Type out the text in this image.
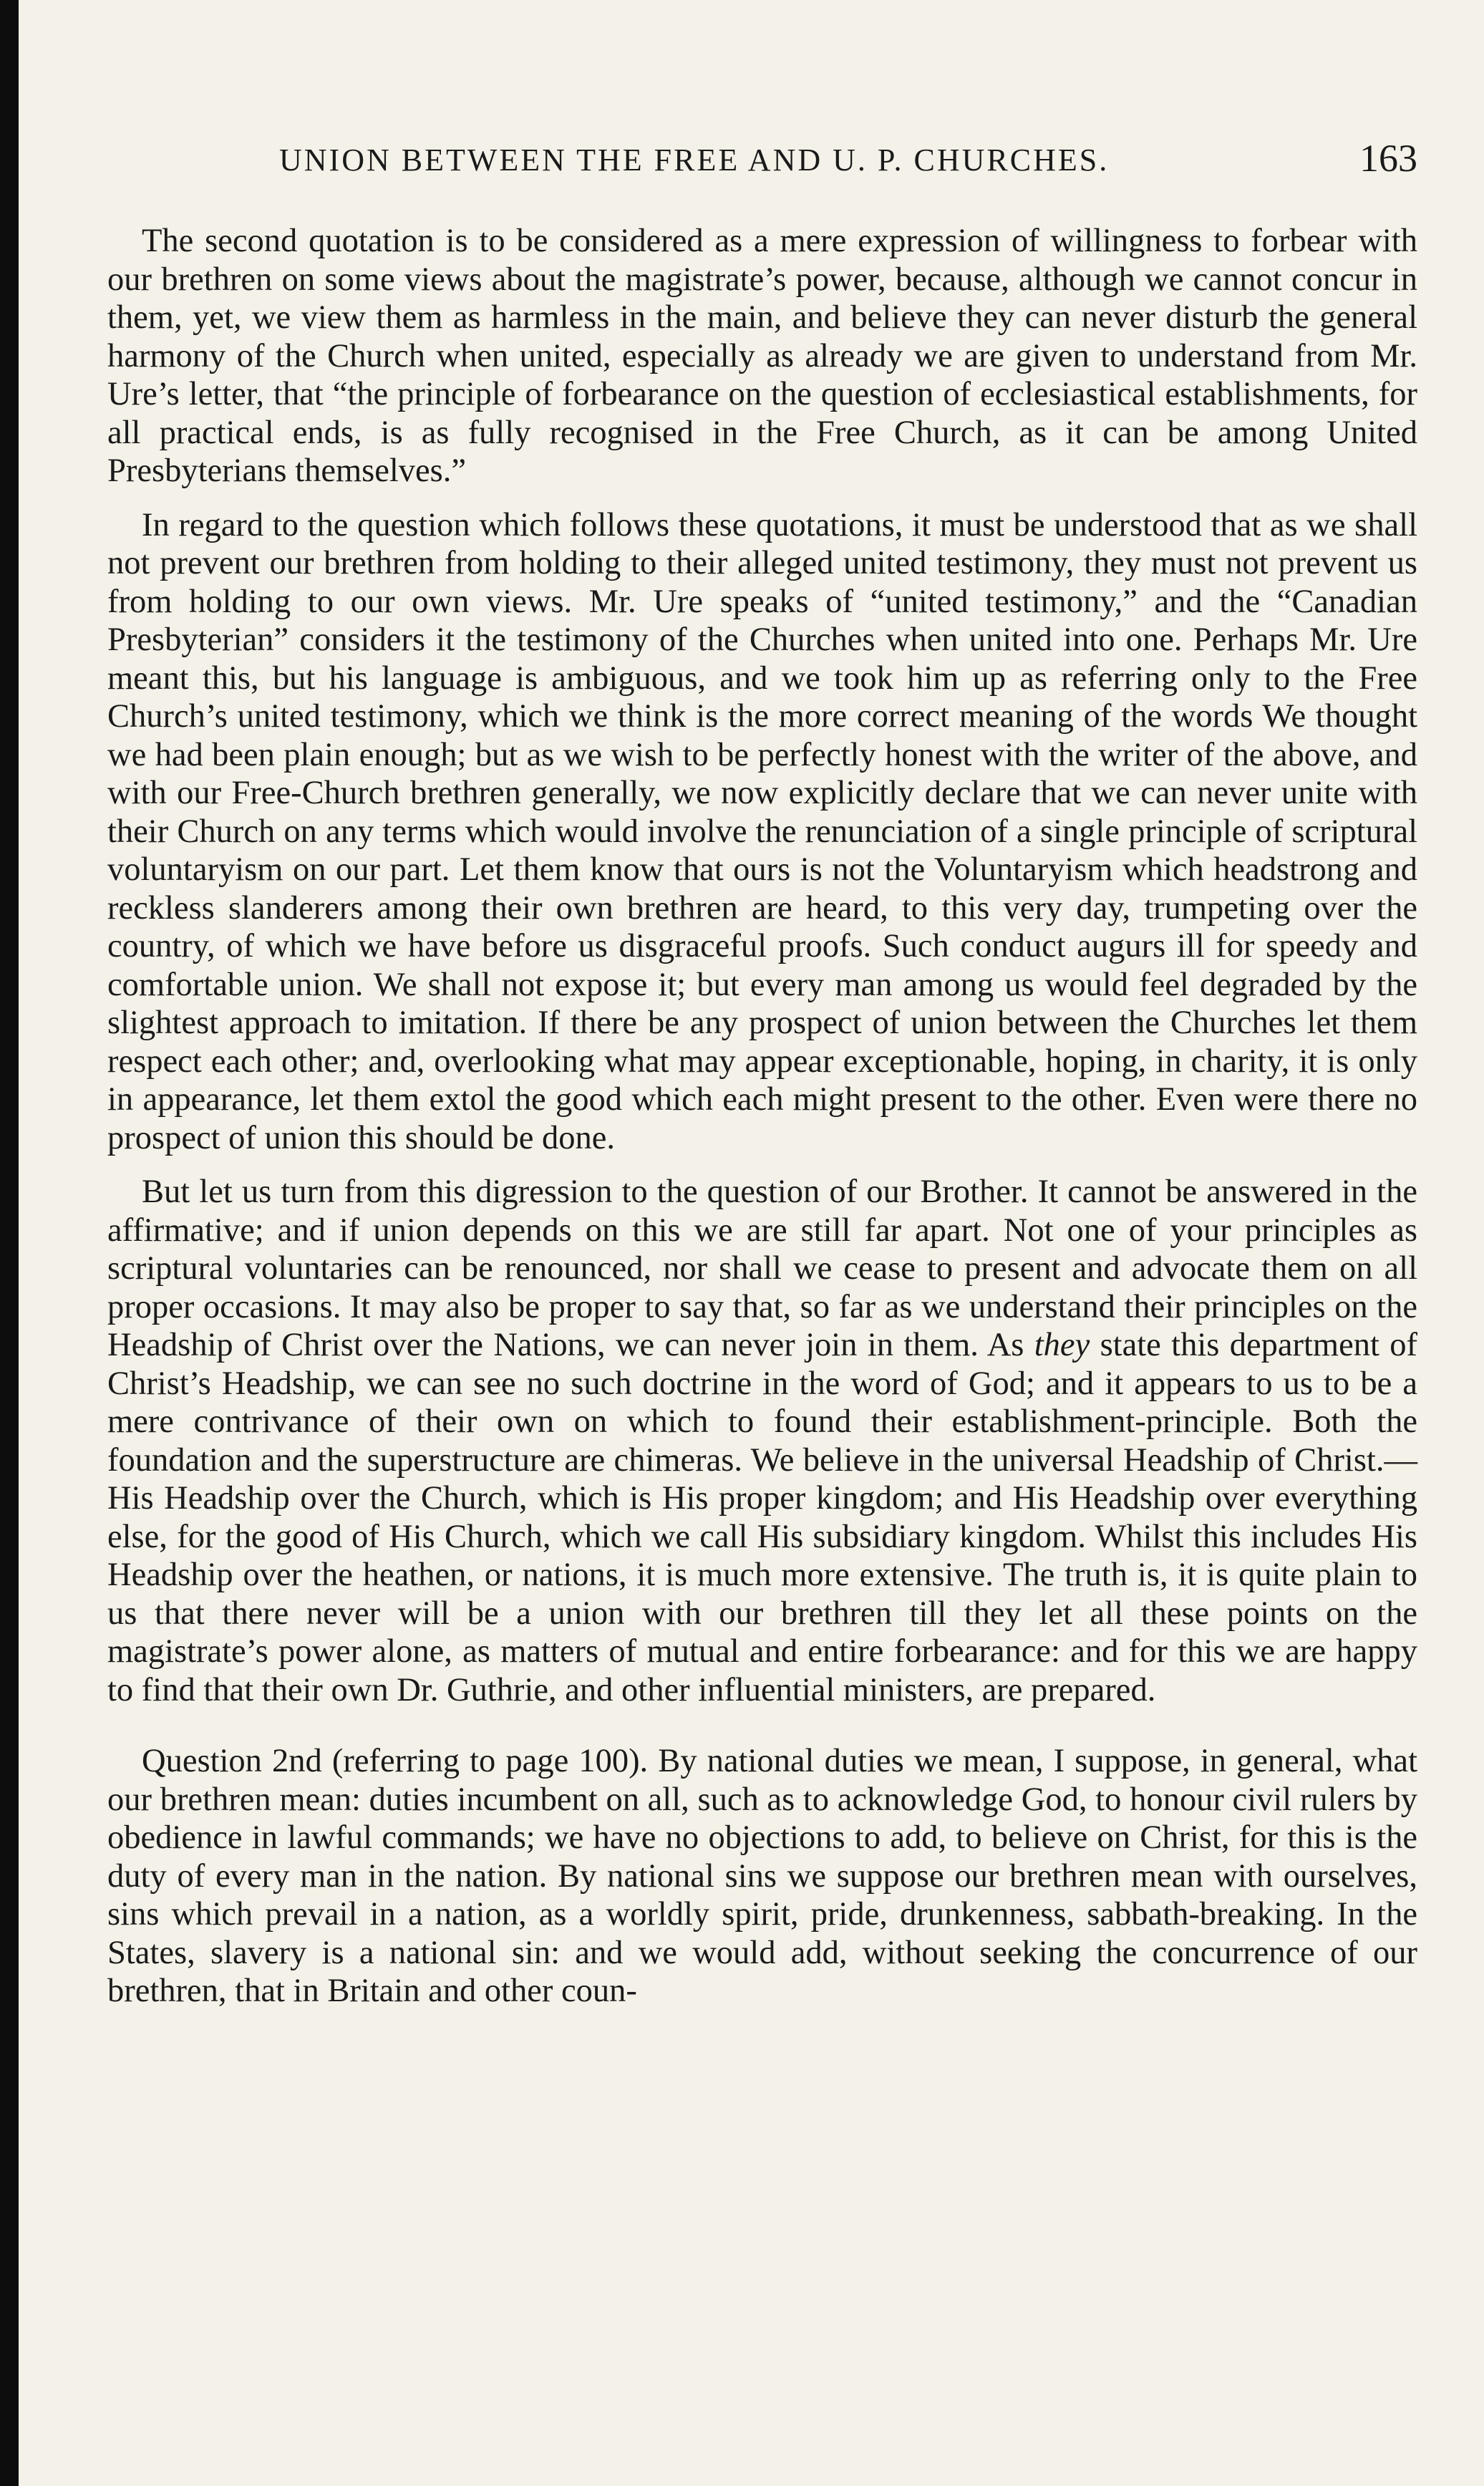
UNION BETWEEN THE FREE AND U. P. CHURCHES.	163

The second quotation is to be considered as a mere expression of willingness to forbear with our brethren on some views about the magistrate’s power, because, although we cannot concur in them, yet, we view them as harmless in the main, and believe they can never disturb the general harmony of the Church when united, especially as already we are given to understand from Mr. Ure’s letter, that “the principle of forbearance on the question of ecclesiastical establishments, for all practical ends, is as fully recognised in the Free Church, as it can be among United Presbyterians themselves.”

In regard to the question which follows these quotations, it must be understood that as we shall not prevent our brethren from holding to their alleged united testimony, they must not prevent us from holding to our own views. Mr. Ure speaks of “united testimony,” and the “Canadian Presbyterian” considers it the testimony of the Churches when united into one. Perhaps Mr. Ure meant this, but his language is ambiguous, and we took him up as referring only to the Free Church’s united testimony, which we think is the more correct meaning of the words We thought we had been plain enough; but as we wish to be perfectly honest with the writer of the above, and with our Free-Church brethren generally, we now explicitly declare that we can never unite with their Church on any terms which would involve the renunciation of a single principle of scriptural voluntaryism on our part. Let them know that ours is not the Voluntaryism which headstrong and reckless slanderers among their own brethren are heard, to this very day, trumpeting over the country, of which we have before us disgraceful proofs. Such conduct augurs ill for speedy and comfortable union. We shall not expose it; but every man among us would feel degraded by the slightest approach to imitation. If there be any prospect of union between the Churches let them respect each other; and, overlooking what may appear exceptionable, hoping, in charity, it is only in appearance, let them extol the good which each might present to the other. Even were there no prospect of union this should be done.

But let us turn from this digression to the question of our Brother. It cannot be answered in the affirmative; and if union depends on this we are still far apart. Not one of your principles as scriptural voluntaries can be renounced, nor shall we cease to present and advocate them on all proper occasions. It may also be proper to say that, so far as we understand their principles on the Headship of Christ over the Nations, we can never join in them. As they state this department of Christ’s Headship, we can see no such doctrine in the word of God; and it appears to us to be a mere contrivance of their own on which to found their establishment-principle. Both the foundation and the superstructure are chimeras. We believe in the universal Headship of Christ.—His Headship over the Church, which is His proper kingdom; and His Headship over everything else, for the good of His Church, which we call His subsidiary kingdom. Whilst this includes His Headship over the heathen, or nations, it is much more extensive. The truth is, it is quite plain to us that there never will be a union with our brethren till they let all these points on the magistrate’s power alone, as matters of mutual and entire forbearance: and for this we are happy to find that their own Dr. Guthrie, and other influential ministers, are prepared.

Question 2nd (referring to page 100). By national duties we mean, I suppose, in general, what our brethren mean: duties incumbent on all, such as to acknowledge God, to honour civil rulers by obedience in lawful commands; we have no objections to add, to believe on Christ, for this is the duty of every man in the nation. By national sins we suppose our brethren mean with ourselves, sins which prevail in a nation, as a worldly spirit, pride, drunkenness, sabbath-breaking. In the States, slavery is a national sin: and we would add, without seeking the concurrence of our brethren, that in Britain and other coun-
